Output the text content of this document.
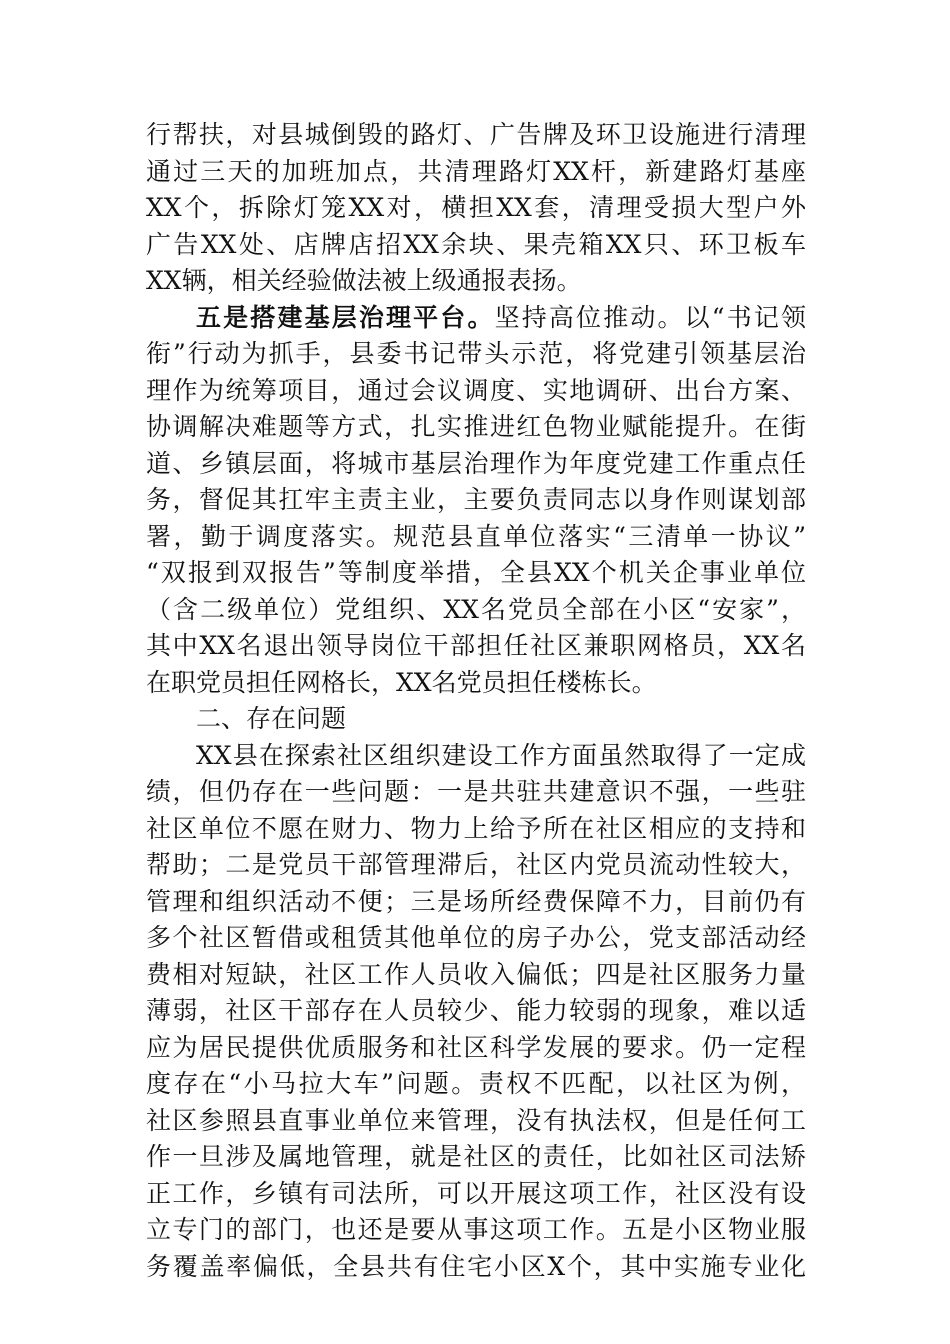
行帮扶，对县城倒毁的路灯、广告牌及环卫设施进行清理
通过三天的加班加点，共清理路灯XX杆，新建路灯基座
XX个，拆除灯笼XX对，横担XX套，清理受损大型户外
广告XX处、店牌店招XX余块、果壳箱XX只、环卫板车
XX辆，相关经验做法被上级通报表扬。
五是搭建基层治理平台。坚持高位推动。以“书记领
衔”行动为抓手，县委书记带头示范，将党建引领基层治
理作为统筹项目，通过会议调度、实地调研、出台方案、
协调解决难题等方式，扎实推进红色物业赋能提升。在街
道、乡镇层面，将城市基层治理作为年度党建工作重点任
务，督促其扛牢主责主业，主要负责同志以身作则谋划部
署，勤于调度落实。规范县直单位落实“三清单一协议”
“双报到双报告”等制度举措，全县XX个机关企事业单位
（含二级单位）党组织、XX名党员全部在小区“安家”，
其中XX名退出领导岗位干部担任社区兼职网格员，XX名
在职党员担任网格长，XX名党员担任楼栋长。
二、存在问题
XX县在探索社区组织建设工作方面虽然取得了一定成
绩，但仍存在一些问题：一是共驻共建意识不强，一些驻
社区单位不愿在财力、物力上给予所在社区相应的支持和
帮助；二是党员干部管理滞后，社区内党员流动性较大，
管理和组织活动不便；三是场所经费保障不力，目前仍有
多个社区暂借或租赁其他单位的房子办公，党支部活动经
费相对短缺，社区工作人员收入偏低；四是社区服务力量
薄弱，社区干部存在人员较少、能力较弱的现象，难以适
应为居民提供优质服务和社区科学发展的要求。仍一定程
度存在“小马拉大车”问题。责权不匹配，以社区为例，
社区参照县直事业单位来管理，没有执法权，但是任何工
作一旦涉及属地管理，就是社区的责任，比如社区司法矫
正工作，乡镇有司法所，可以开展这项工作，社区没有设
立专门的部门，也还是要从事这项工作。五是小区物业服
务覆盖率偏低，全县共有住宅小区X个，其中实施专业化
